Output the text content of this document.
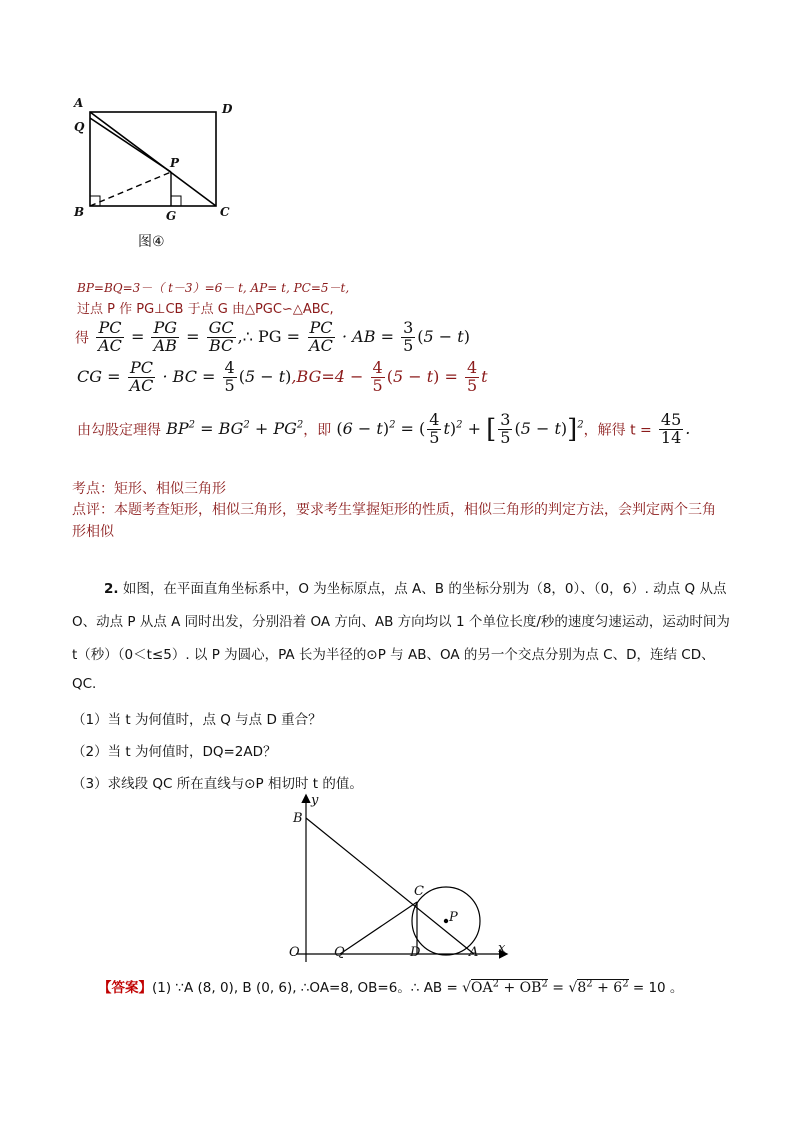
A	D
Q
P
B	G	C
图④
BP=BQ=3－（ t－3）=6－ t, AP= t, PC=5－t,
过点 P 作 PG⊥CB 于点 G 由△PGC∽△ABC,
得 $\frac{PC}{AC} = \frac{PG}{AB} = \frac{GC}{BC}$ ,∴ PG = $\frac{PC}{AC}$ · AB = $\frac{3}{5} (5 - t)$
CG = $\frac{PC}{AC}$ · BC = $\frac{4}{5} (5 - t),BG=4 - \frac{4}{5} (5 - t) = \frac{4}{5}$ t
由勾股定理得 $BP^2 = BG^2 + PG^2$，即 $(6 - t)^2$ = ( $\frac{4}{5} t)^2$ + [ $\frac{3}{5} (5 - t)]^2$，解得 $t = \frac{45}{14}$ .
考点：矩形、相似三角形
点评：本题考查矩形，相似三角形，要求考生掌握矩形的性质，相似三角形的判定方法，会判定两个三角
形相似
2. 如图，在平面直角坐标系中，O 为坐标原点，点 A、B 的坐标分别为（8，0）、（0，6）. 动点 Q 从点
O、动点 P 从点 A 同时出发，分别沿着 OA 方向、AB 方向均以 1 个单位长度/秒的速度匀速运动，运动时间为
t（秒）（0＜t≤5）. 以 P 为圆心，PA 长为半径的⊙P 与 AB、OA 的另一个交点分别为点 C、D，连结 CD、
QC.
（1）当 t 为何值时，点 Q 与点 D 重合？
（2）当 t 为何值时，DQ=2AD？
（3）求线段 QC 所在直线与⊙P 相切时 t 的值。
y
B
C
P
O	Q	D	A x
【答案】(1) ∵A (8, 0), B (0, 6), ∴OA=8, OB=6。∴ AB = $√OA^2 + OB^2 = √8^2 + 6^2 = 10$ 。
